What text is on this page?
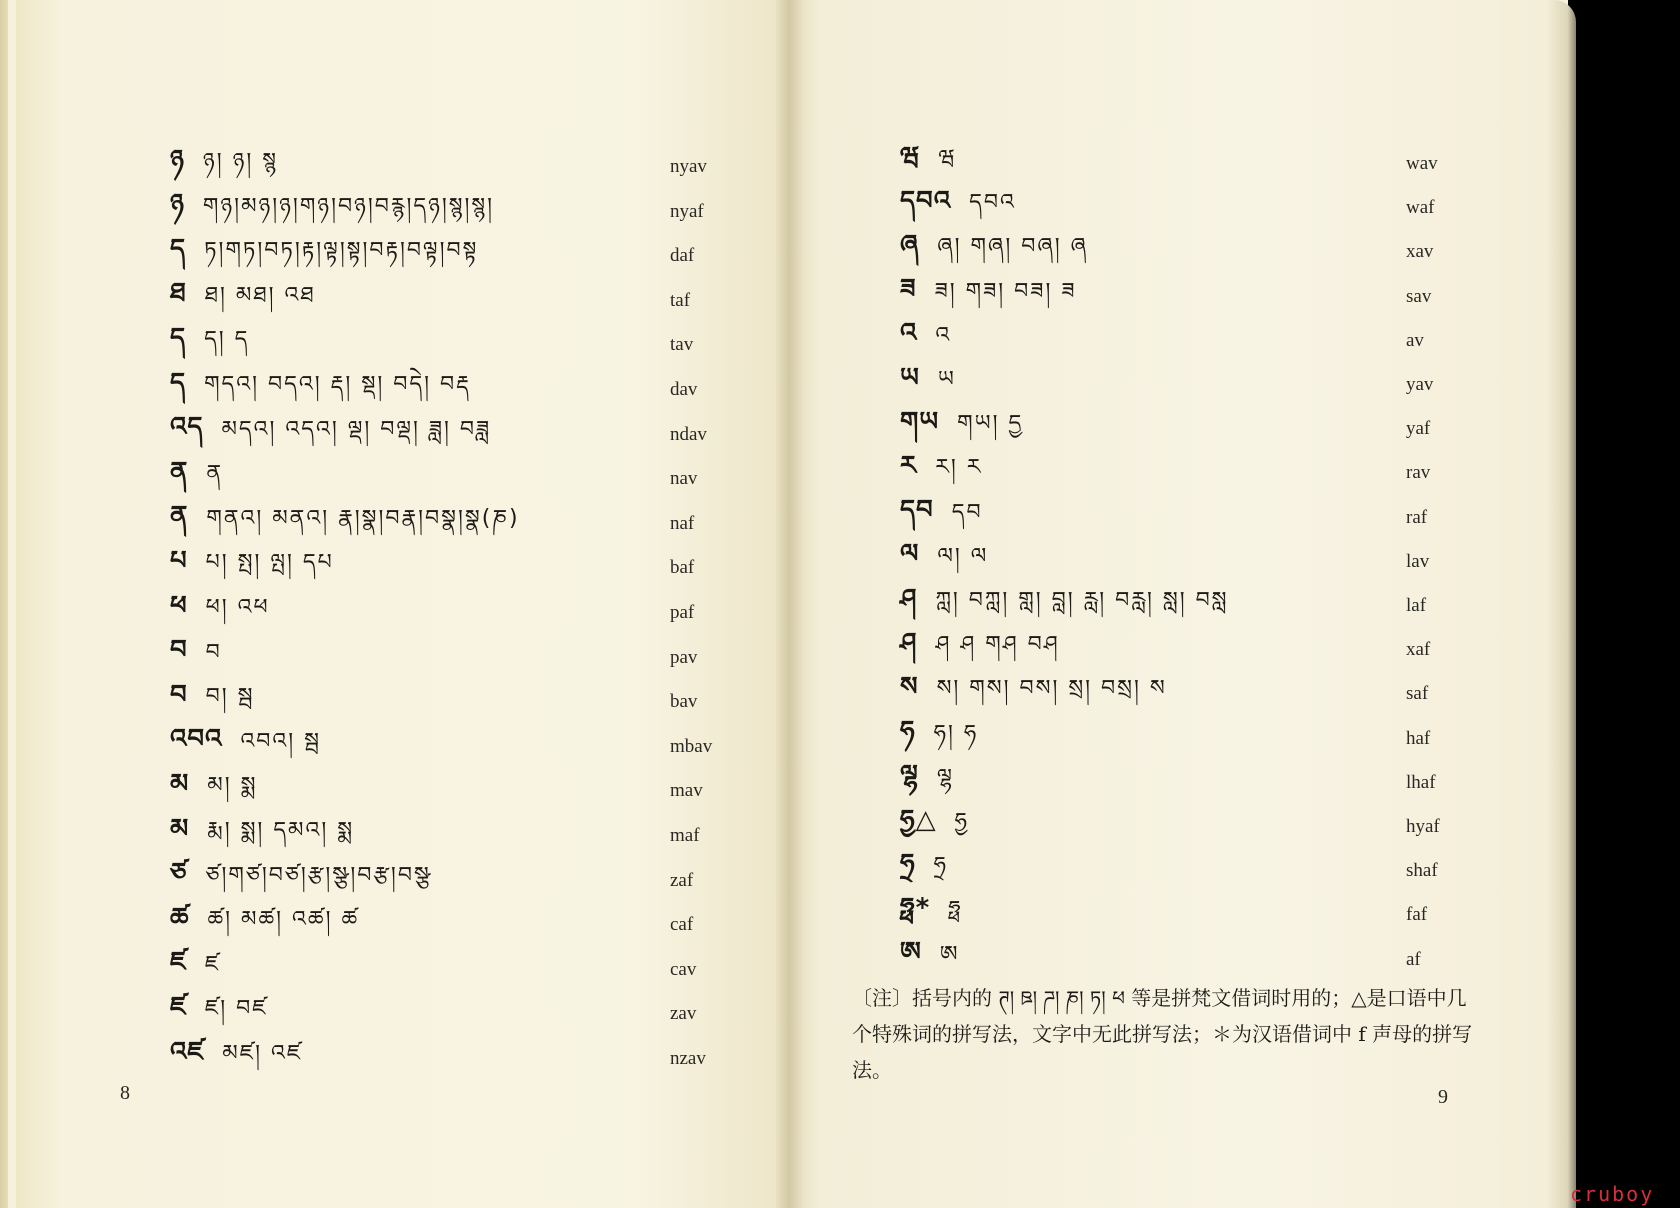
ཉ ཉ། ཉ། སྙ	nyav
ཉ གཉ།མཉ།ཉ།གཉ།བཉ།བརྙ།དཉ།སྙ།སྙ།	nyaf
ད ཏ།གཏ།བཏ།རྟ།ལྟ།སྟ།བརྟ།བལྟ།བསྟ	daf
ཐ ཐ། མཐ། འཐ	taf
ད ད། ད	tav
ད གདའ། བདའ། རྡ། སྡ། བདེ། བརྡ	dav
འད མདའ། འདའ། ལྡ། བལྡ། ཟླ། བཟླ	ndav
ན ན	nav
ན གནའ། མནའ། རྣ།སྣ།བརྣ།བསྣ།སྣ(ཎ)	naf
པ པ། སྤ། ལྤ། དཔ	baf
ཕ ཕ། འཕ	paf
བ བ	pav
བ བ། སྦ	bav
འབའ འབའ། སྦ	mbav
མ མ། སྨ	mav
མ རྨ། སྨ། དམའ། སྨ	maf
ཙ ཙ།གཙ།བཙ།རྩ།སྩ།བརྩ།བསྩ	zaf
ཚ ཚ། མཚ། འཚ། ཚ	caf
ཛ ཛ	cav
ཛ ཛ། བཛ	zav
འཛ མཛ། འཛ	nzav
ཝ ཝ	wav
དབའ དབའ	waf
ཞ ཞ། གཞ། བཞ། ཞ	xav
ཟ ཟ། གཟ། བཟ། ཟ	sav
འ འ	av
ཡ ཡ	yav
གཡ གཡ། དྱ	yaf
ར ར། ར	rav
དབ དབ	raf
ལ ལ། ལ	lav
ཤ ཀླ། བཀླ། གླ། བླ། རླ། བརླ། སླ། བསླ	laf
ཤ ཤ ཤ གཤ བཤ	xaf
ས ས། གས། བས། སྲ། བསྲ། ས	saf
ཧ ཧ། ཧ	haf
ལྷ ལྷ	lhaf
ཧྱ△ ཧྱ	hyaf
ཧྲ ཧྲ	shaf
ཧྥ* ཧྥ	faf
ཨ ཨ	af
〔注〕括号内的 ཊ། ཋ། ཌ། ཎ། ཏ། ཕ 等是拼梵文借词时用的；△是口语中几个特殊词的拼写法，文字中无此拼写法；＊为汉语借词中 f 声母的拼写法。
8	9
cruboy
